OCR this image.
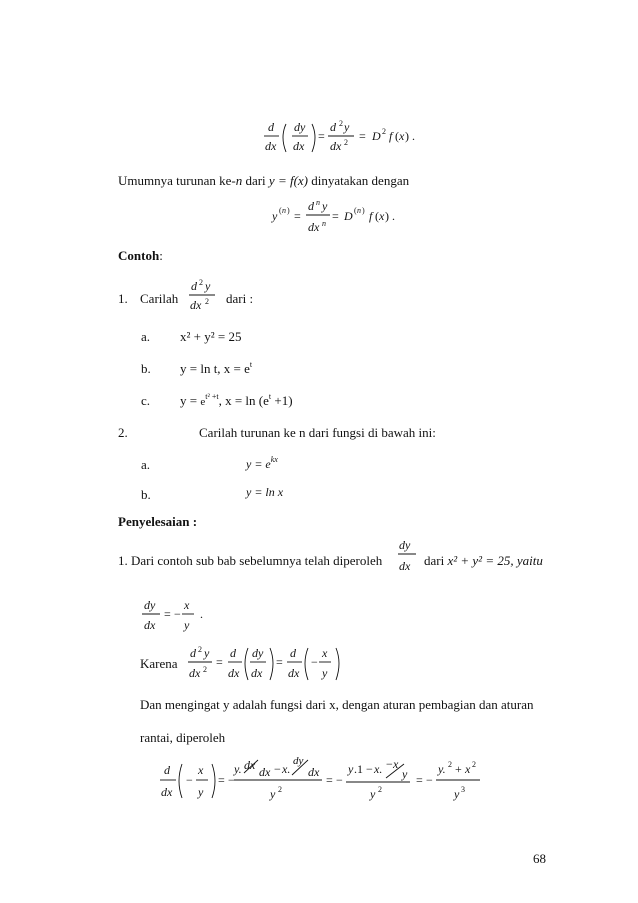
d
dx
dy
dx
=
d 2 y
dx 2 = D 2 f ( x ) .
Umumnya turunan ke-n dari y = f(x) dinyatakan dengan
y ( n ) =
d n y
dx n
= D ( n ) f ( x ) .
Contoh:
1. Carilah
d 2 y
dx 2 dari :
a. x² + y² = 25
b. y = ln t, $x = e^t$
c. $y = e^{t^2 +t}$, $x = \ln (e^t +1)$
2.	Carilah turunan ke n dari fungsi di bawah ini:
a.	$y = e^{kx}$
b.	y = ln x
Penyelesaian :
1. Dari contoh sub bab sebelumnya telah diperoleh
dy
dx dari x² + y² = 25, yaitu
dy
dx
= −
x
y
.
Karena
d 2 y
dx 2
=
d
dx
dy
dx
=
d
dx
−
x
y
Dan mengingat y adalah fungsi dari x, dengan aturan pembagian dan aturan
rantai, diperoleh
d
dx
−
x
y
= −
y. dx dx − x.
dy
dx
y 2
= −
y .1 − x. − x
y
y 2
= −
y. 2 + x 2
y 3
68
